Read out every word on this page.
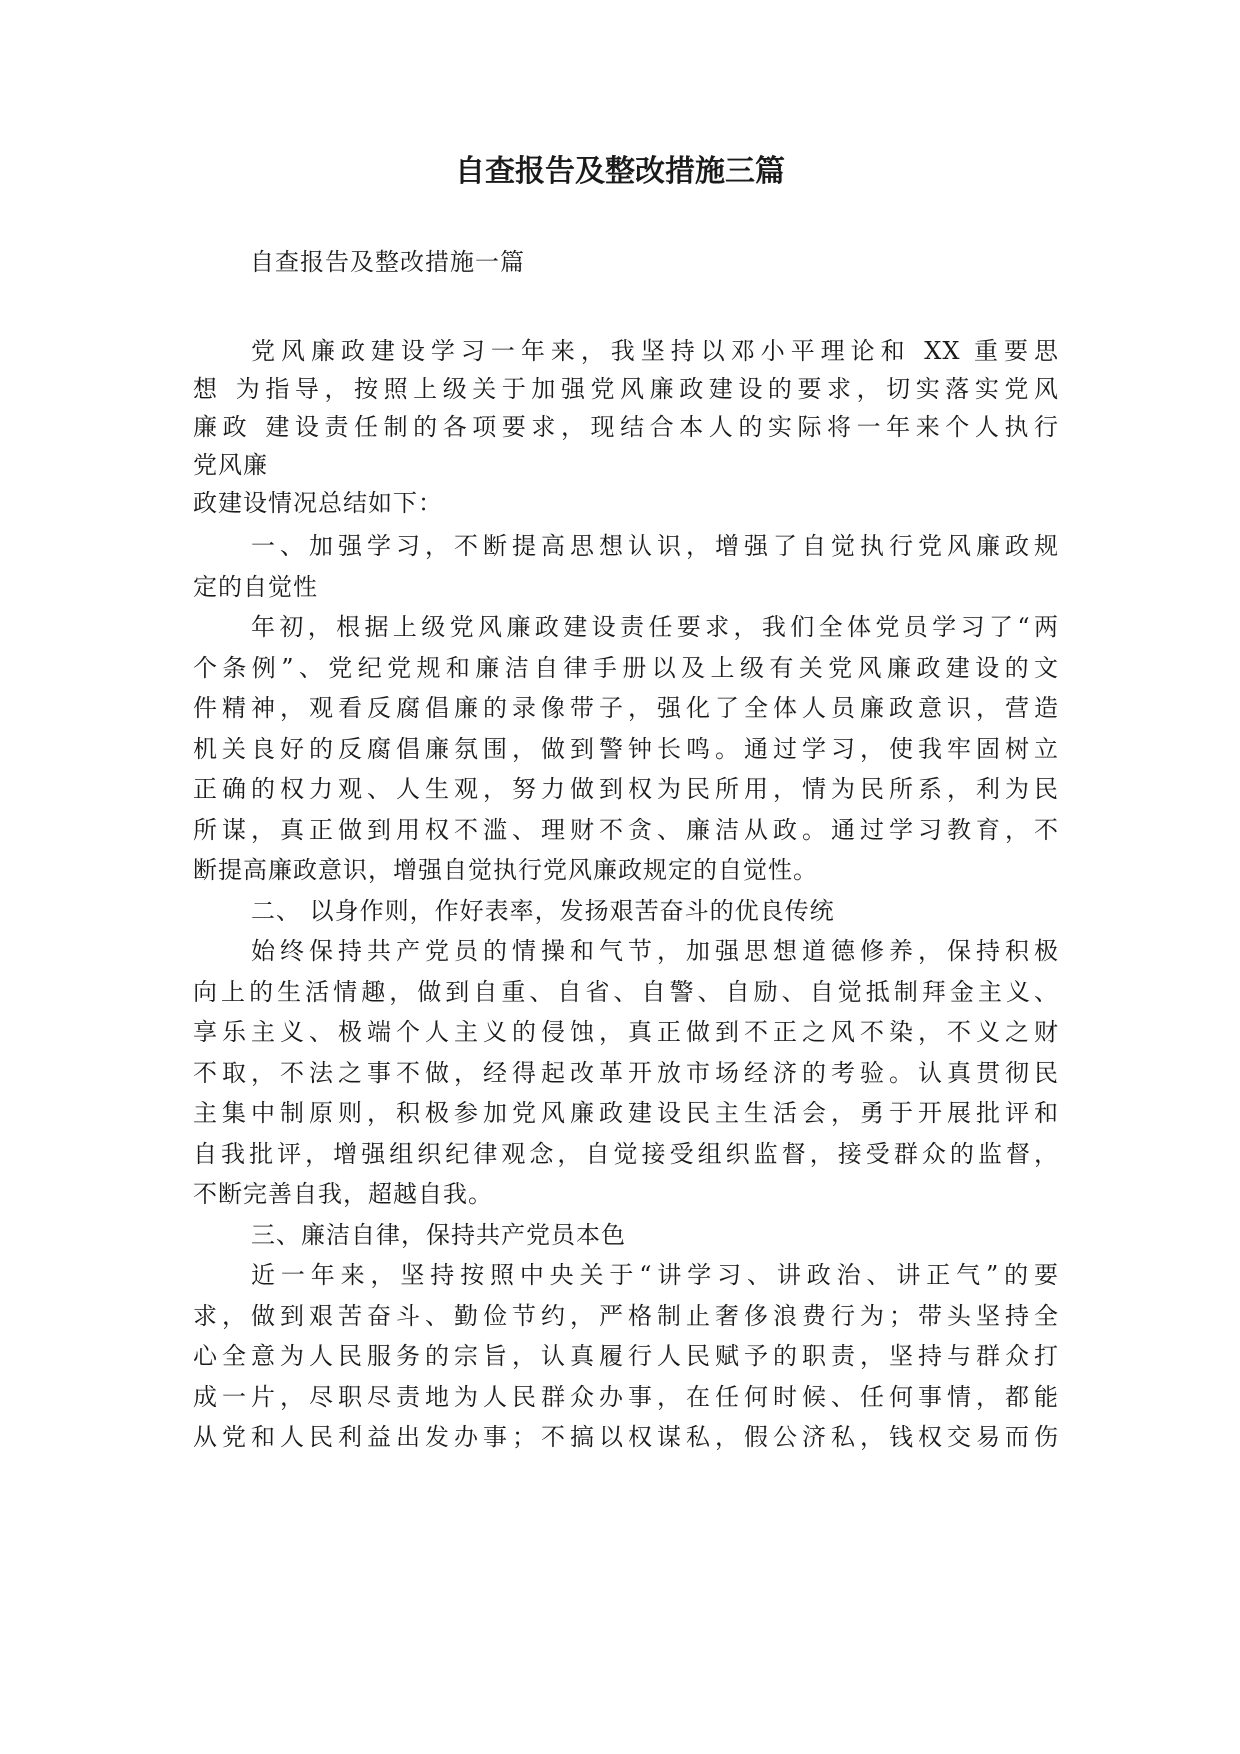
自查报告及整改措施三篇

自查报告及整改措施一篇

党风廉政建设学习一年来，我坚持以邓小平理论和 XX 重要思
想 为指导，按照上级关于加强党风廉政建设的要求，切实落实党风
廉政 建设责任制的各项要求，现结合本人的实际将一年来个人执行
党风廉
政建设情况总结如下：
一、加强学习，不断提高思想认识，增强了自觉执行党风廉政规
定的自觉性
年初，根据上级党风廉政建设责任要求，我们全体党员学习了“两
个条例”、党纪党规和廉洁自律手册以及上级有关党风廉政建设的文
件精神，观看反腐倡廉的录像带子，强化了全体人员廉政意识，营造
机关良好的反腐倡廉氛围，做到警钟长鸣。通过学习，使我牢固树立
正确的权力观、人生观，努力做到权为民所用，情为民所系，利为民
所谋，真正做到用权不滥、理财不贪、廉洁从政。通过学习教育，不
断提高廉政意识，增强自觉执行党风廉政规定的自觉性。
二、 以身作则，作好表率，发扬艰苦奋斗的优良传统
始终保持共产党员的情操和气节，加强思想道德修养，保持积极
向上的生活情趣，做到自重、自省、自警、自励、自觉抵制拜金主义、
享乐主义、极端个人主义的侵蚀，真正做到不正之风不染，不义之财
不取，不法之事不做，经得起改革开放市场经济的考验。认真贯彻民
主集中制原则，积极参加党风廉政建设民主生活会，勇于开展批评和
自我批评，增强组织纪律观念，自觉接受组织监督，接受群众的监督，
不断完善自我，超越自我。
三、廉洁自律，保持共产党员本色
近一年来，坚持按照中央关于“讲学习、讲政治、讲正气”的要
求，做到艰苦奋斗、勤俭节约，严格制止奢侈浪费行为；带头坚持全
心全意为人民服务的宗旨，认真履行人民赋予的职责，坚持与群众打
成一片，尽职尽责地为人民群众办事，在任何时候、任何事情，都能
从党和人民利益出发办事；不搞以权谋私，假公济私，钱权交易而伤
